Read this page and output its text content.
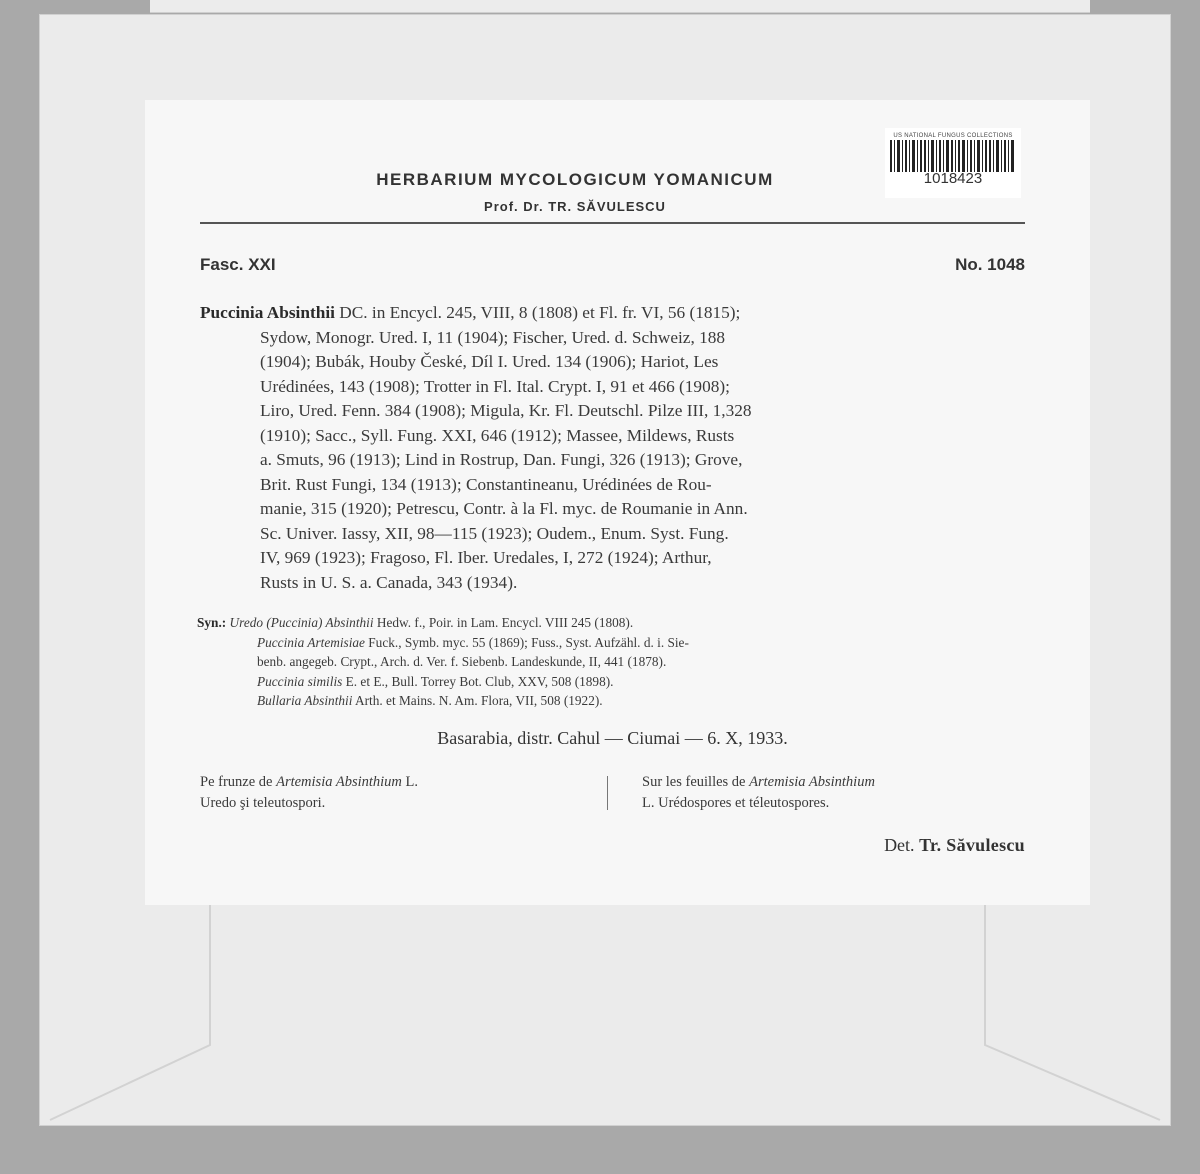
HERBARIUM MYCOLOGICUM YOMANICUM
Prof. Dr. TR. SĂVULESCU
US NATIONAL FUNGUS COLLECTIONS
1018423
Fasc. XXI	No. 1048
Puccinia Absinthii DC. in Encycl. 245, VIII, 8 (1808) et Fl. fr. VI, 56 (1815);
Sydow, Monogr. Ured. I, 11 (1904); Fischer, Ured. d. Schweiz, 188
(1904); Bubák, Houby České, Díl I. Ured. 134 (1906); Hariot, Les
Urédinées, 143 (1908); Trotter in Fl. Ital. Crypt. I, 91 et 466 (1908);
Liro, Ured. Fenn. 384 (1908); Migula, Kr. Fl. Deutschl. Pilze III, 1,328
(1910); Sacc., Syll. Fung. XXI, 646 (1912); Massee, Mildews, Rusts
a. Smuts, 96 (1913); Lind in Rostrup, Dan. Fungi, 326 (1913); Grove,
Brit. Rust Fungi, 134 (1913); Constantineanu, Urédinées de Rou-
manie, 315 (1920); Petrescu, Contr. à la Fl. myc. de Roumanie in Ann.
Sc. Univer. Iassy, XII, 98—115 (1923); Oudem., Enum. Syst. Fung.
IV, 969 (1923); Fragoso, Fl. Iber. Uredales, I, 272 (1924); Arthur,
Rusts in U. S. a. Canada, 343 (1934).
Syn.: Uredo (Puccinia) Absinthii Hedw. f., Poir. in Lam. Encycl. VIII 245 (1808).
Puccinia Artemisiae Fuck., Symb. myc. 55 (1869); Fuss., Syst. Aufzähl. d. i. Sie-
benb. angegeb. Crypt., Arch. d. Ver. f. Siebenb. Landeskunde, II, 441 (1878).
Puccinia similis E. et E., Bull. Torrey Bot. Club, XXV, 508 (1898).
Bullaria Absinthii Arth. et Mains. N. Am. Flora, VII, 508 (1922).
Basarabia, distr. Cahul — Ciumai — 6. X, 1933.
Pe frunze de Artemisia Absinthium L.
Uredo şi teleutospori.
Sur les feuilles de Artemisia Absinthium
L. Urédospores et téleutospores.
Det. Tr. Săvulescu
